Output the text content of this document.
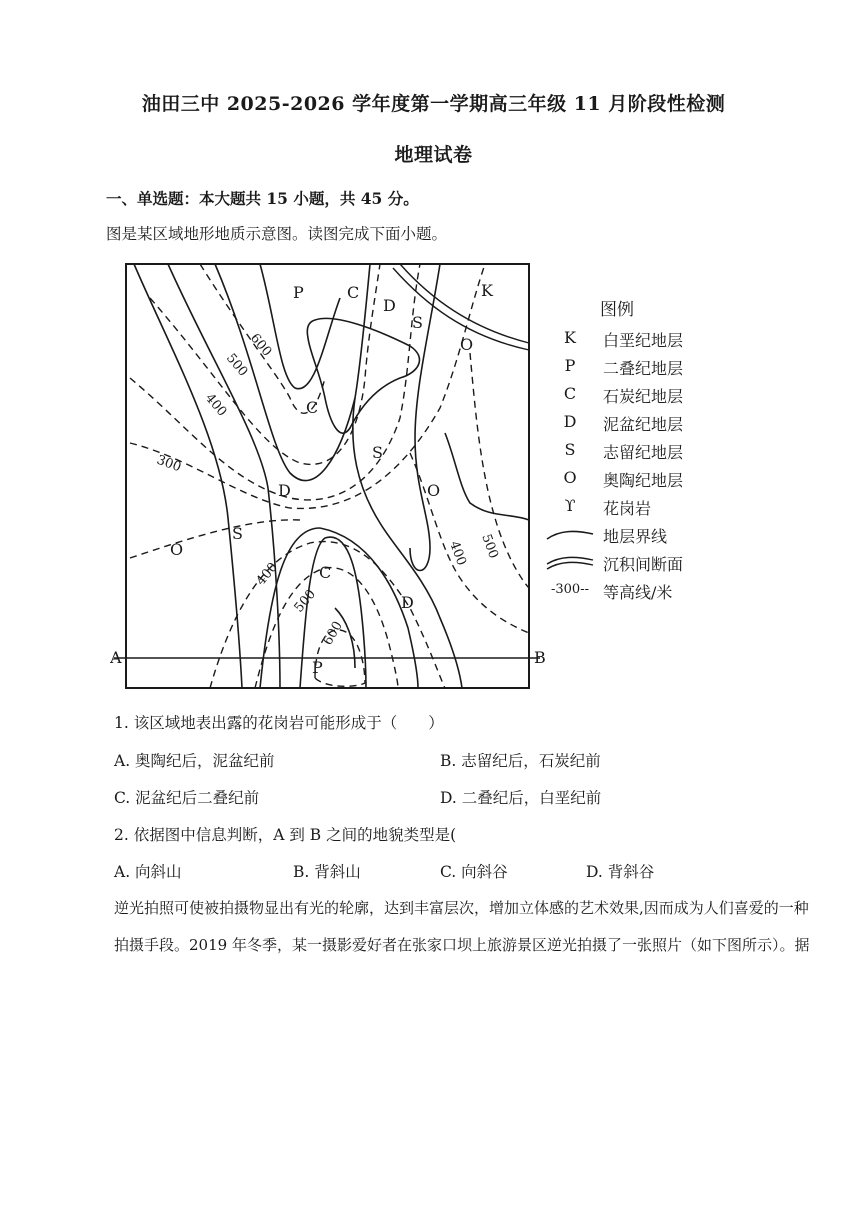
油田三中 2025-2026 学年度第一学期高三年级 11 月阶段性检测
地理试卷
一、单选题：本大题共 15 小题，共 45 分。
图是某区域地形地质示意图。读图完成下面小题。
A	B
600
500
400
300
400
500
600
400 500
P	C
D
K
S
O
C
S
D	O
O
S
C
D
P
图例
K	白垩纪地层
P	二叠纪地层
C	石炭纪地层
D	泥盆纪地层
S	志留纪地层
O	奥陶纪地层
ϒ	花岗岩
地层界线
沉积间断面
-300-- 等高线/米
1. 该区域地表出露的花岗岩可能形成于（　　）
A. 奥陶纪后，泥盆纪前	B. 志留纪后，石炭纪前
C. 泥盆纪后二叠纪前	D. 二叠纪后，白垩纪前
2. 依据图中信息判断，A 到 B 之间的地貌类型是(
A. 向斜山	B. 背斜山	C. 向斜谷	D. 背斜谷
逆光拍照可使被拍摄物显出有光的轮廓，达到丰富层次，增加立体感的艺术效果,因而成为人们喜爱的一种
拍摄手段。2019 年冬季，某一摄影爱好者在张家口坝上旅游景区逆光拍摄了一张照片（如下图所示）。据
